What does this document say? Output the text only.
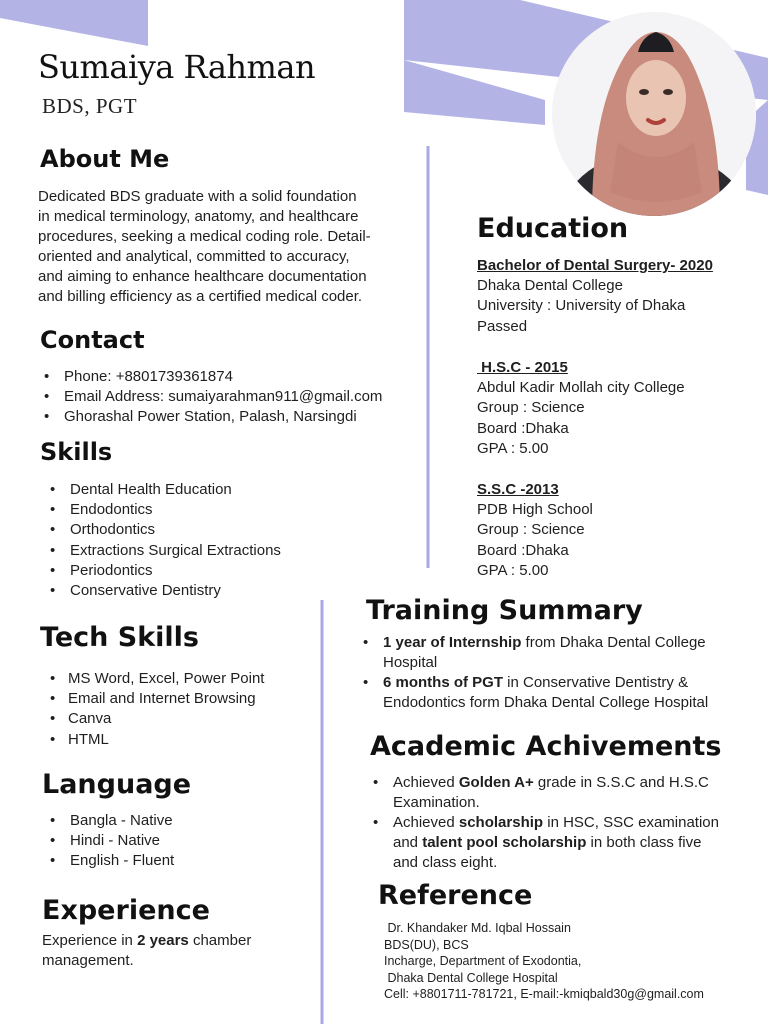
Sumaiya Rahman
BDS, PGT
About Me
Dedicated BDS graduate with a solid foundation
in medical terminology, anatomy, and healthcare
procedures, seeking a medical coding role. Detail-
oriented and analytical, committed to accuracy,
and aiming to enhance healthcare documentation
and billing efficiency as a certified medical coder.
Contact
• Phone: +8801739361874
• Email Address: sumaiyarahman911@gmail.com
• Ghorashal Power Station, Palash, Narsingdi
Skills
• Dental Health Education
• Endodontics
• Orthodontics
• Extractions Surgical Extractions
• Periodontics
• Conservative Dentistry
Tech Skills
• MS Word, Excel, Power Point
• Email and Internet Browsing
• Canva
• HTML
Language
• Bangla - Native
• Hindi - Native
• English - Fluent
Experience
Experience in 2 years chamber
management.
Education
Bachelor of Dental Surgery- 2020
Dhaka Dental College
University : University of Dhaka
Passed
H.S.C - 2015
Abdul Kadir Mollah city College
Group : Science
Board :Dhaka
GPA : 5.00
S.S.C -2013
PDB High School
Group : Science
Board :Dhaka
GPA : 5.00
Training Summary
• 1 year of Internship from Dhaka Dental College
Hospital
• 6 months of PGT in Conservative Dentistry &
Endodontics form Dhaka Dental College Hospital
Academic Achivements
• Achieved Golden A+ grade in S.S.C and H.S.C
Examination.
• Achieved scholarship in HSC, SSC examination
and talent pool scholarship in both class five
and class eight.
Reference
Dr. Khandaker Md. Iqbal Hossain
BDS(DU), BCS
Incharge, Department of Exodontia,
Dhaka Dental College Hospital
Cell: +8801711-781721, E-mail:-kmiqbald30g@gmail.com
